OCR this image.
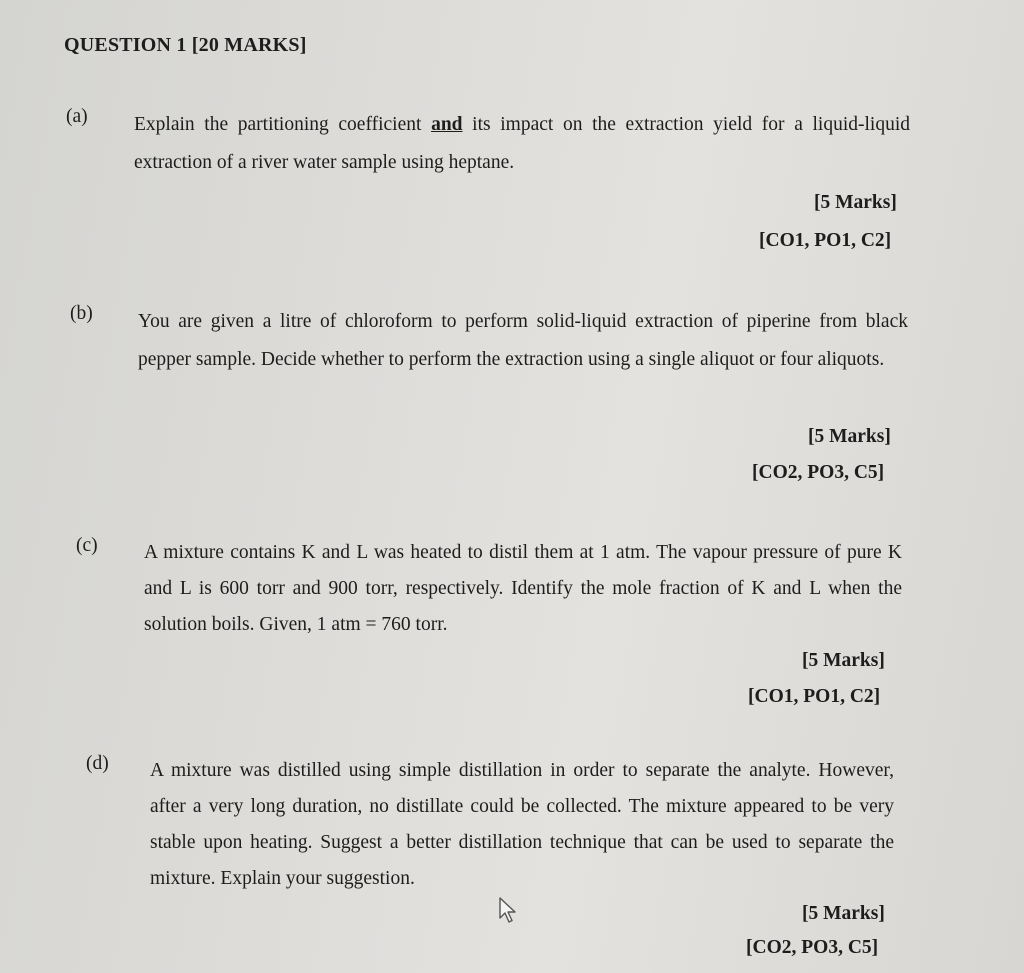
QUESTION 1 [20 MARKS]
(a) Explain the partitioning coefficient and its impact on the extraction yield for a liquid-liquid extraction of a river water sample using heptane.

[5 Marks]
[CO1, PO1, C2]
(b) You are given a litre of chloroform to perform solid-liquid extraction of piperine from black pepper sample. Decide whether to perform the extraction using a single aliquot or four aliquots.
[5 Marks]
[CO2, PO3, C5]
(c) A mixture contains K and L was heated to distil them at 1 atm. The vapour pressure of pure K and L is 600 torr and 900 torr, respectively. Identify the mole fraction of K and L when the solution boils. Given, 1 atm = 760 torr.
[5 Marks]
[CO1, PO1, C2]
(d) A mixture was distilled using simple distillation in order to separate the analyte. However, after a very long duration, no distillate could be collected. The mixture appeared to be very stable upon heating. Suggest a better distillation technique that can be used to separate the mixture. Explain your suggestion.
[5 Marks]
[CO2, PO3, C5]
